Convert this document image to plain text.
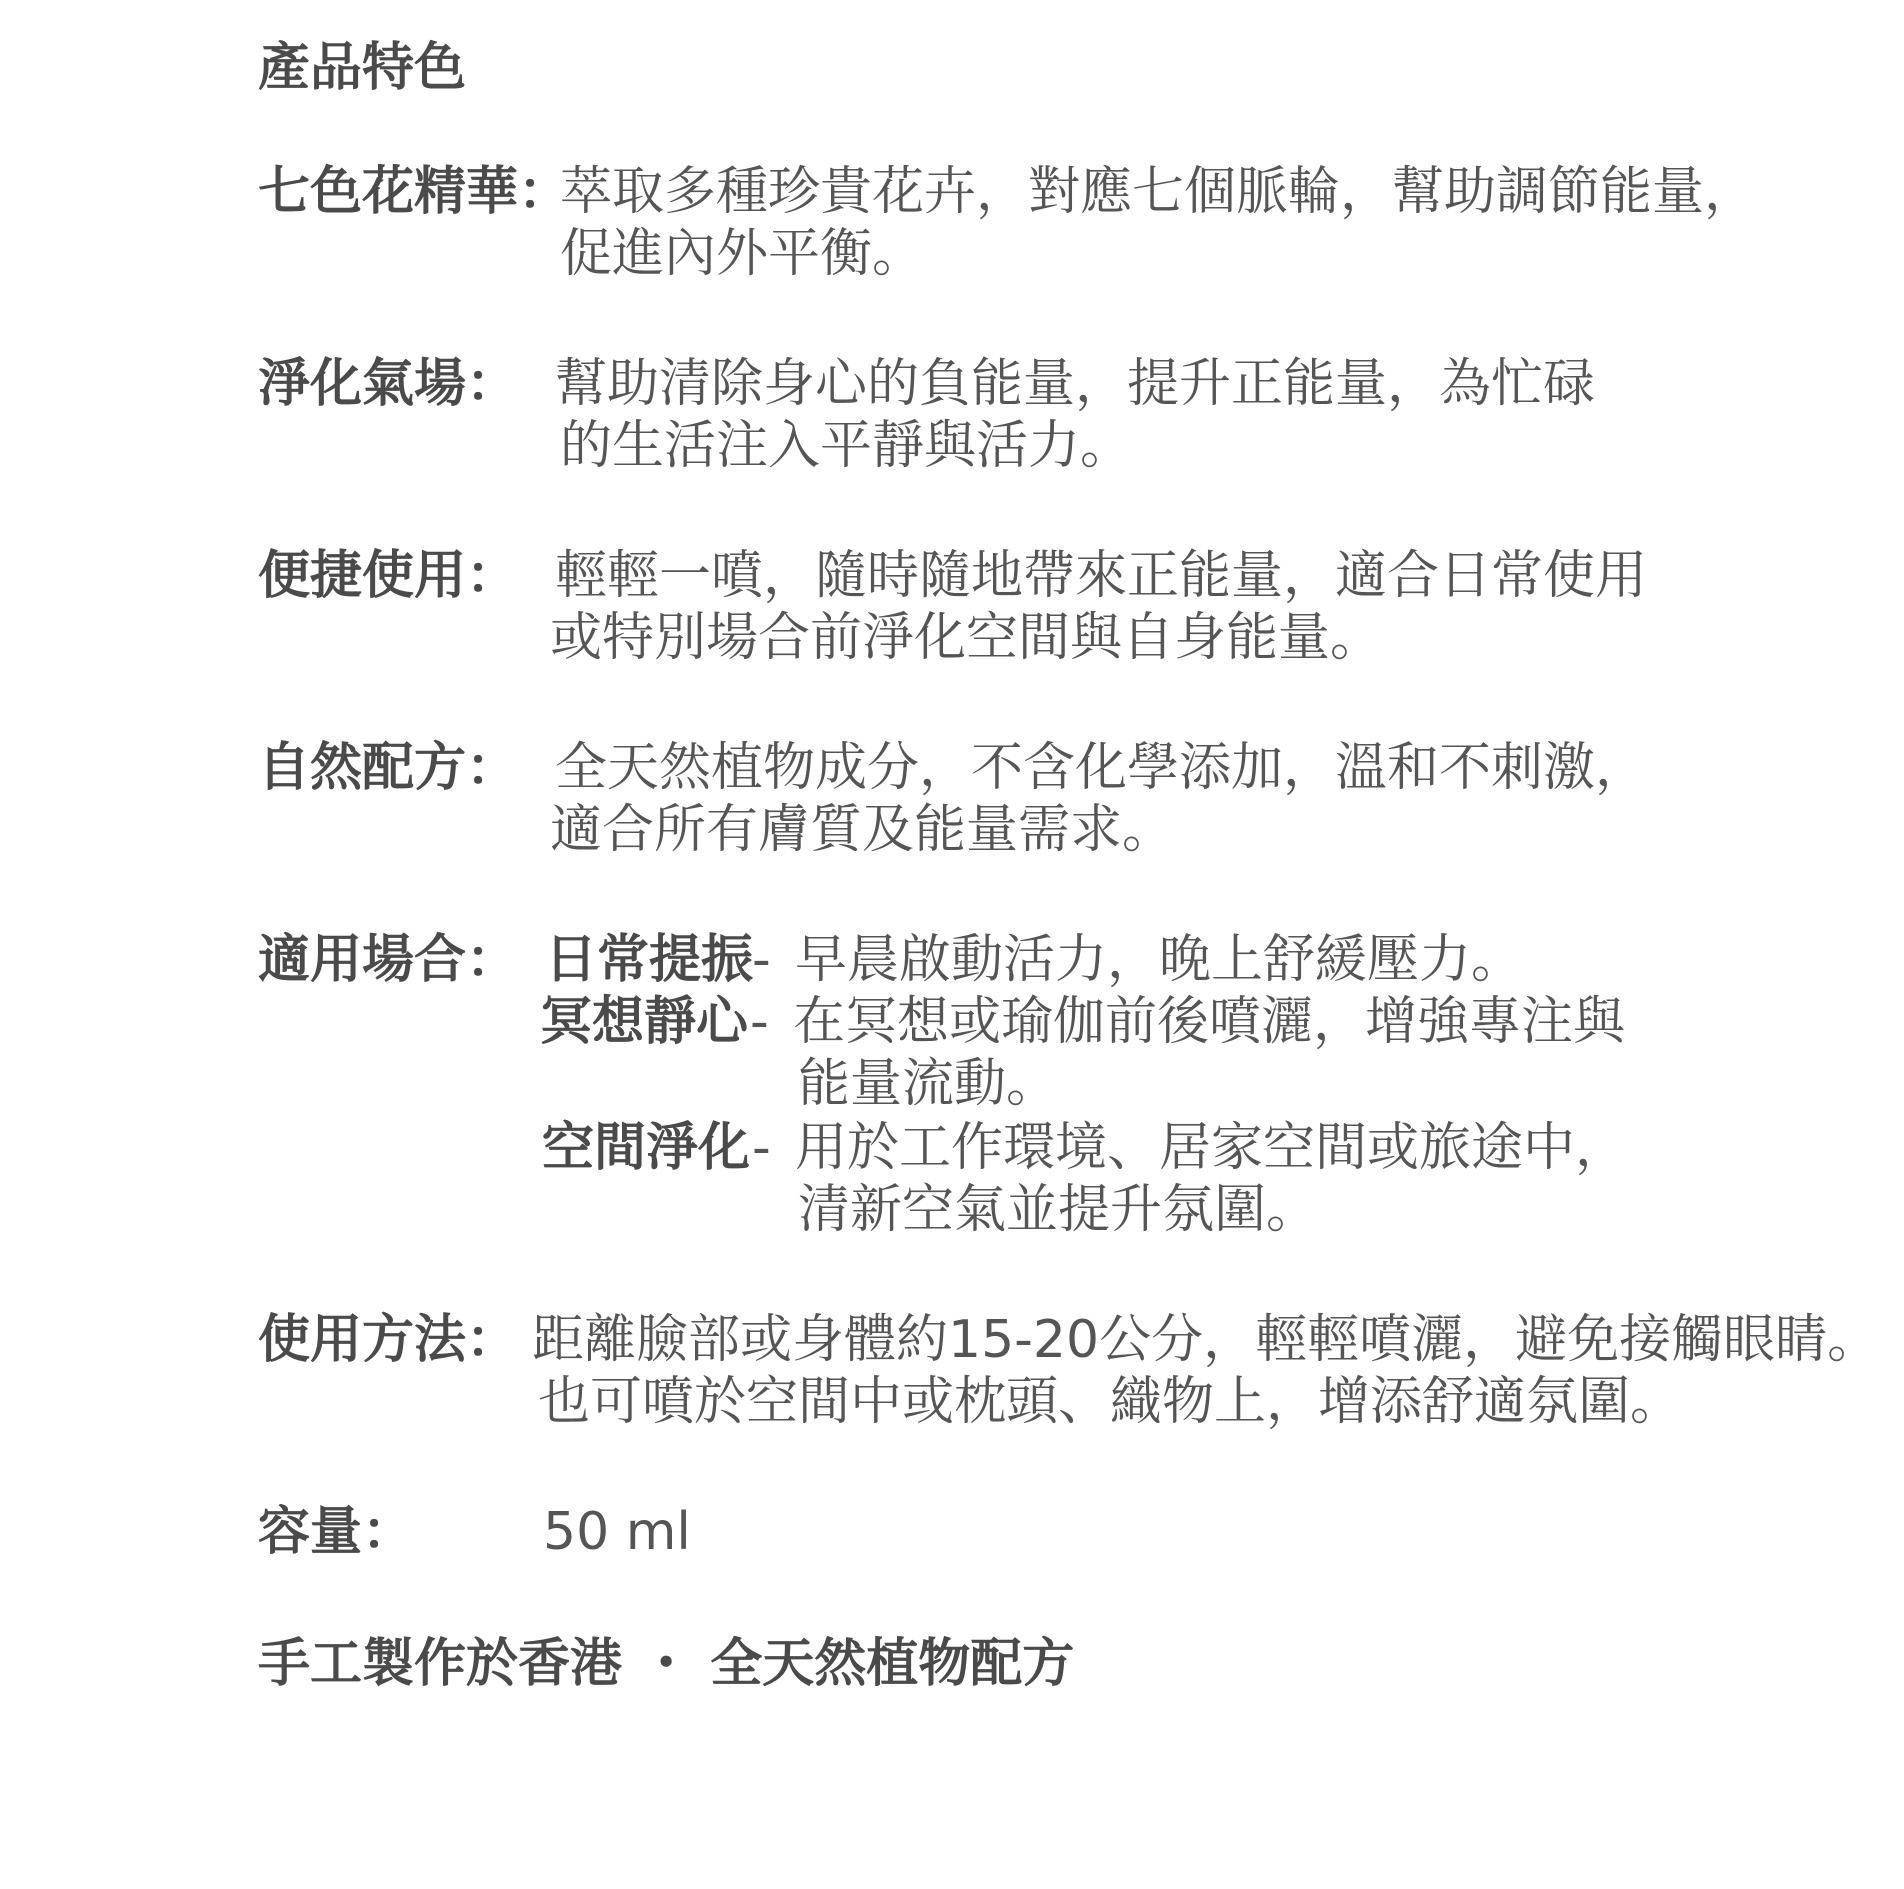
產品特色
七色花精華：
萃取多種珍貴花卉，對應七個脈輪，幫助調節能量，
促進內外平衡。
淨化氣場： 幫助清除身心的負能量，提升正能量，為忙碌
的生活注入平靜與活力。
便捷使用： 輕輕一噴，隨時隨地帶來正能量，適合日常使用
或特別場合前淨化空間與自身能量。
自然配方： 全天然植物成分，不含化學添加，溫和不刺激，
適合所有膚質及能量需求。
適用場合： 日常提振
- 早晨啟動活力，晚上舒緩壓力。
冥想靜心 - 在冥想或瑜伽前後噴灑，增強專注與
能量流動。
空間淨化 - 用於工作環境、居家空間或旅途中，
清新空氣並提升氛圍。
使用方法： 距離臉部或身體約15-20公分，輕輕噴灑，避免接觸眼睛。
也可噴於空間中或枕頭、織物上，增添舒適氛圍。
容量： 50 ml
手工製作於香港 ・ 全天然植物配方
